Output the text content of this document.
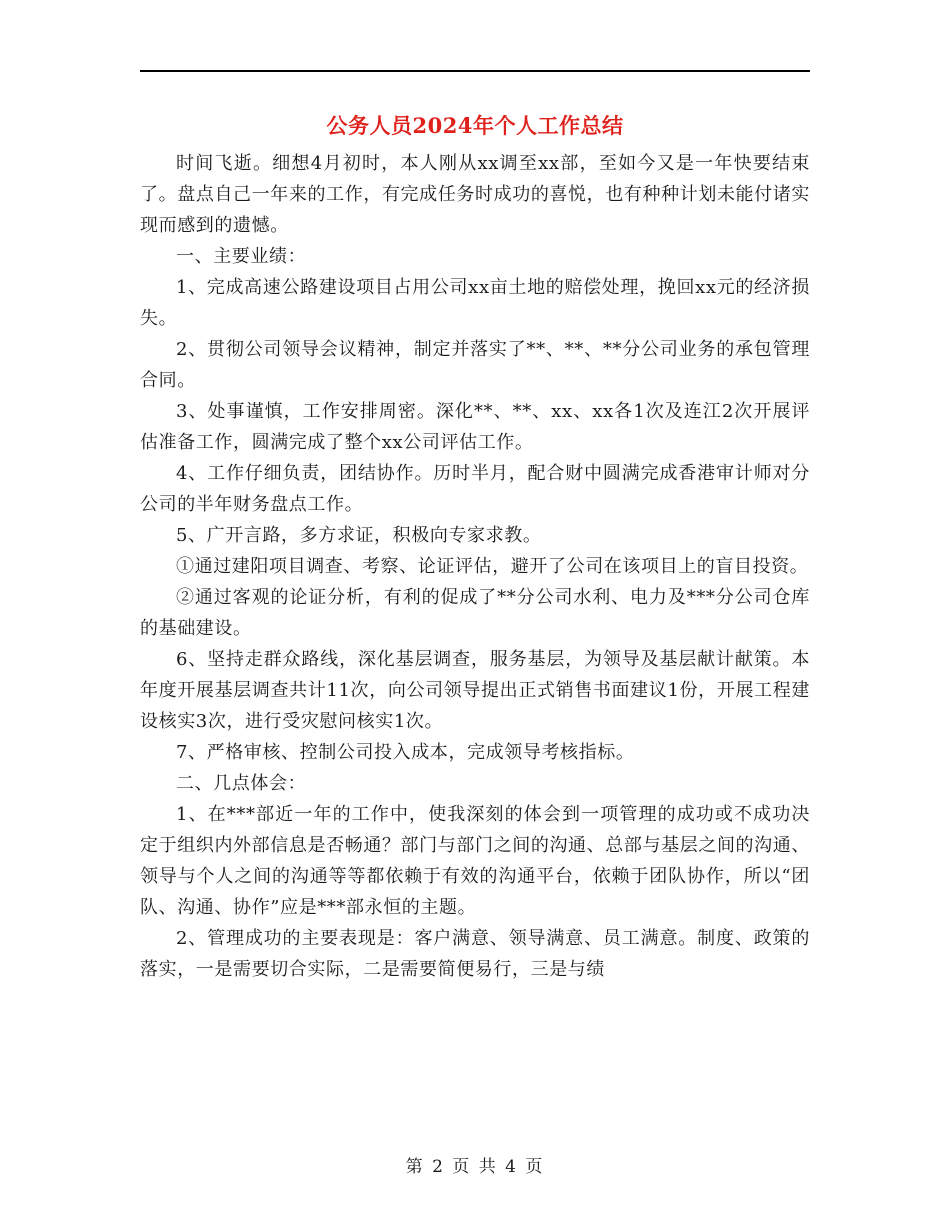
公务人员2024年个人工作总结

时间飞逝。细想4月初时，本人刚从xx调至xx部，至如今又是一年快要结束了。盘点自己一年来的工作，有完成任务时成功的喜悦，也有种种计划未能付诸实现而感到的遗憾。

一、主要业绩：

1、完成高速公路建设项目占用公司xx亩土地的赔偿处理，挽回xx元的经济损失。

2、贯彻公司领导会议精神，制定并落实了**、**、**分公司业务的承包管理合同。

3、处事谨慎，工作安排周密。深化**、**、xx、xx各1次及连江2次开展评估准备工作，圆满完成了整个xx公司评估工作。

4、工作仔细负责，团结协作。历时半月，配合财中圆满完成香港审计师对分公司的半年财务盘点工作。

5、广开言路，多方求证，积极向专家求教。

①通过建阳项目调查、考察、论证评估，避开了公司在该项目上的盲目投资。

②通过客观的论证分析，有利的促成了**分公司水利、电力及***分公司仓库的基础建设。

6、坚持走群众路线，深化基层调查，服务基层，为领导及基层献计献策。本年度开展基层调查共计11次，向公司领导提出正式销售书面建议1份，开展工程建设核实3次，进行受灾慰问核实1次。

7、严格审核、控制公司投入成本，完成领导考核指标。

二、几点体会：

1、在***部近一年的工作中，使我深刻的体会到一项管理的成功或不成功决定于组织内外部信息是否畅通？部门与部门之间的沟通、总部与基层之间的沟通、领导与个人之间的沟通等等都依赖于有效的沟通平台，依赖于团队协作，所以“团队、沟通、协作”应是***部永恒的主题。

2、管理成功的主要表现是：客户满意、领导满意、员工满意。制度、政策的落实，一是需要切合实际，二是需要简便易行，三是与绩

第 2 页 共 4 页
